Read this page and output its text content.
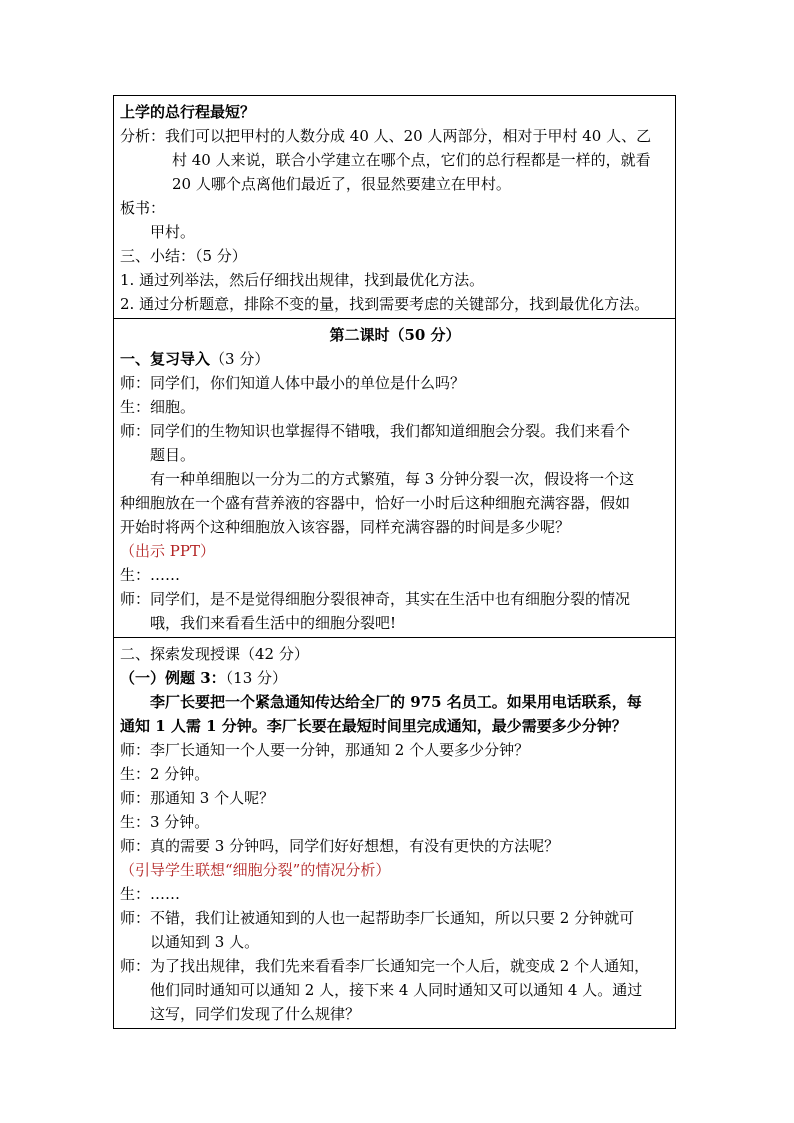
上学的总行程最短？
分析：我们可以把甲村的人数分成 40 人、20 人两部分，相对于甲村 40 人、乙
村 40 人来说，联合小学建立在哪个点，它们的总行程都是一样的，就看
20 人哪个点离他们最近了，很显然要建立在甲村。
板书：
甲村。
三、小结：（5 分）
1. 通过列举法，然后仔细找出规律，找到最优化方法。
2. 通过分析题意，排除不变的量，找到需要考虑的关键部分，找到最优化方法。
第二课时（50 分）
一、复习导入（3 分）
师：同学们，你们知道人体中最小的单位是什么吗？
生：细胞。
师：同学们的生物知识也掌握得不错哦，我们都知道细胞会分裂。我们来看个
题目。
有一种单细胞以一分为二的方式繁殖，每 3 分钟分裂一次，假设将一个这
种细胞放在一个盛有营养液的容器中，恰好一小时后这种细胞充满容器，假如
开始时将两个这种细胞放入该容器，同样充满容器的时间是多少呢？
（出示 PPT）
生：……
师：同学们，是不是觉得细胞分裂很神奇，其实在生活中也有细胞分裂的情况
哦，我们来看看生活中的细胞分裂吧!
二、探索发现授课（42 分）
（一）例题 3：（13 分）
李厂长要把一个紧急通知传达给全厂的 975 名员工。如果用电话联系，每
通知 1 人需 1 分钟。李厂长要在最短时间里完成通知，最少需要多少分钟？
师：李厂长通知一个人要一分钟，那通知 2 个人要多少分钟？
生：2 分钟。
师：那通知 3 个人呢？
生：3 分钟。
师：真的需要 3 分钟吗，同学们好好想想，有没有更快的方法呢？
（引导学生联想“细胞分裂”的情况分析）
生：……
师：不错，我们让被通知到的人也一起帮助李厂长通知，所以只要 2 分钟就可
以通知到 3 人。
师：为了找出规律，我们先来看看李厂长通知完一个人后，就变成 2 个人通知，
他们同时通知可以通知 2 人，接下来 4 人同时通知又可以通知 4 人。通过
这写，同学们发现了什么规律？
